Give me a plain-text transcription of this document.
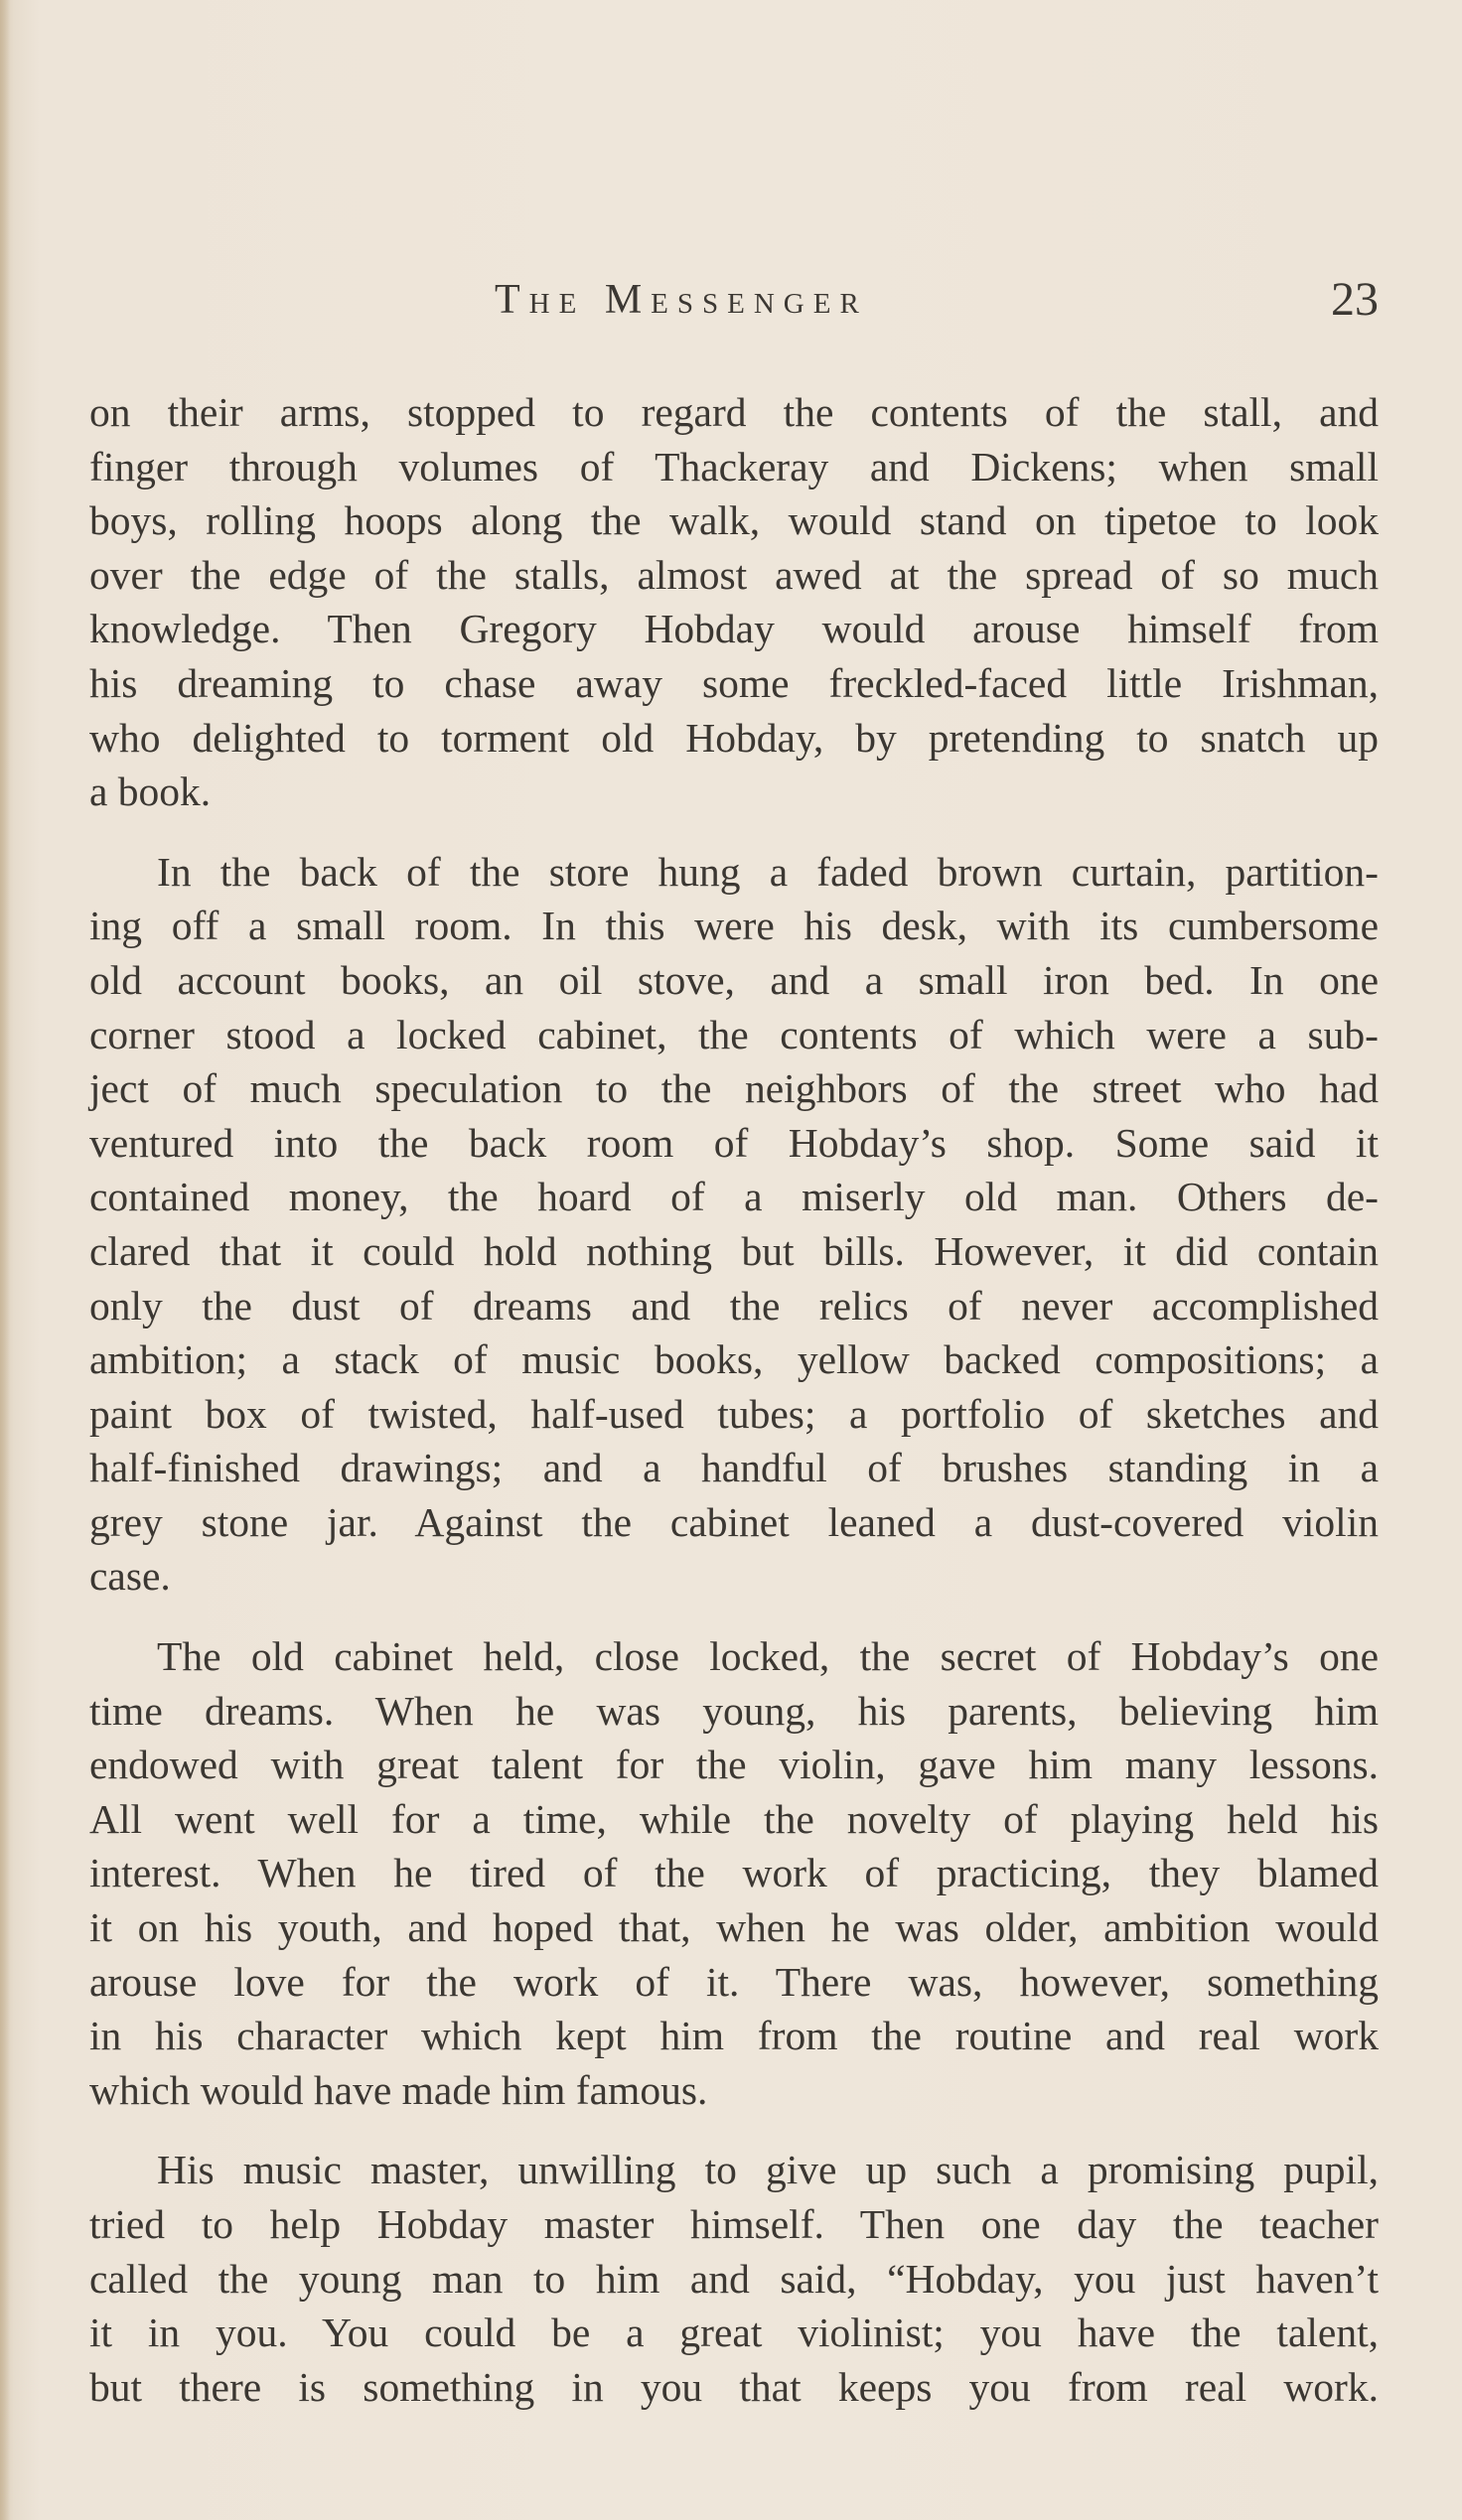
The Messenger	23

on their arms, stopped to regard the contents of the stall, and
finger through volumes of Thackeray and Dickens; when small
boys, rolling hoops along the walk, would stand on tipetoe to look
over the edge of the stalls, almost awed at the spread of so much
knowledge. Then Gregory Hobday would arouse himself from
his dreaming to chase away some freckled-faced little Irishman,
who delighted to torment old Hobday, by pretending to snatch up
a book.

In the back of the store hung a faded brown curtain, partition-
ing off a small room. In this were his desk, with its cumbersome
old account books, an oil stove, and a small iron bed. In one
corner stood a locked cabinet, the contents of which were a sub-
ject of much speculation to the neighbors of the street who had
ventured into the back room of Hobday’s shop. Some said it
contained money, the hoard of a miserly old man. Others de-
clared that it could hold nothing but bills. However, it did contain
only the dust of dreams and the relics of never accomplished
ambition; a stack of music books, yellow backed compositions; a
paint box of twisted, half-used tubes; a portfolio of sketches and
half-finished drawings; and a handful of brushes standing in a
grey stone jar. Against the cabinet leaned a dust-covered violin
case.

The old cabinet held, close locked, the secret of Hobday’s one
time dreams. When he was young, his parents, believing him
endowed with great talent for the violin, gave him many lessons.
All went well for a time, while the novelty of playing held his
interest. When he tired of the work of practicing, they blamed
it on his youth, and hoped that, when he was older, ambition would
arouse love for the work of it. There was, however, something
in his character which kept him from the routine and real work
which would have made him famous.

His music master, unwilling to give up such a promising pupil,
tried to help Hobday master himself. Then one day the teacher
called the young man to him and said, “Hobday, you just haven’t
it in you. You could be a great violinist; you have the talent,
but there is something in you that keeps you from real work.
